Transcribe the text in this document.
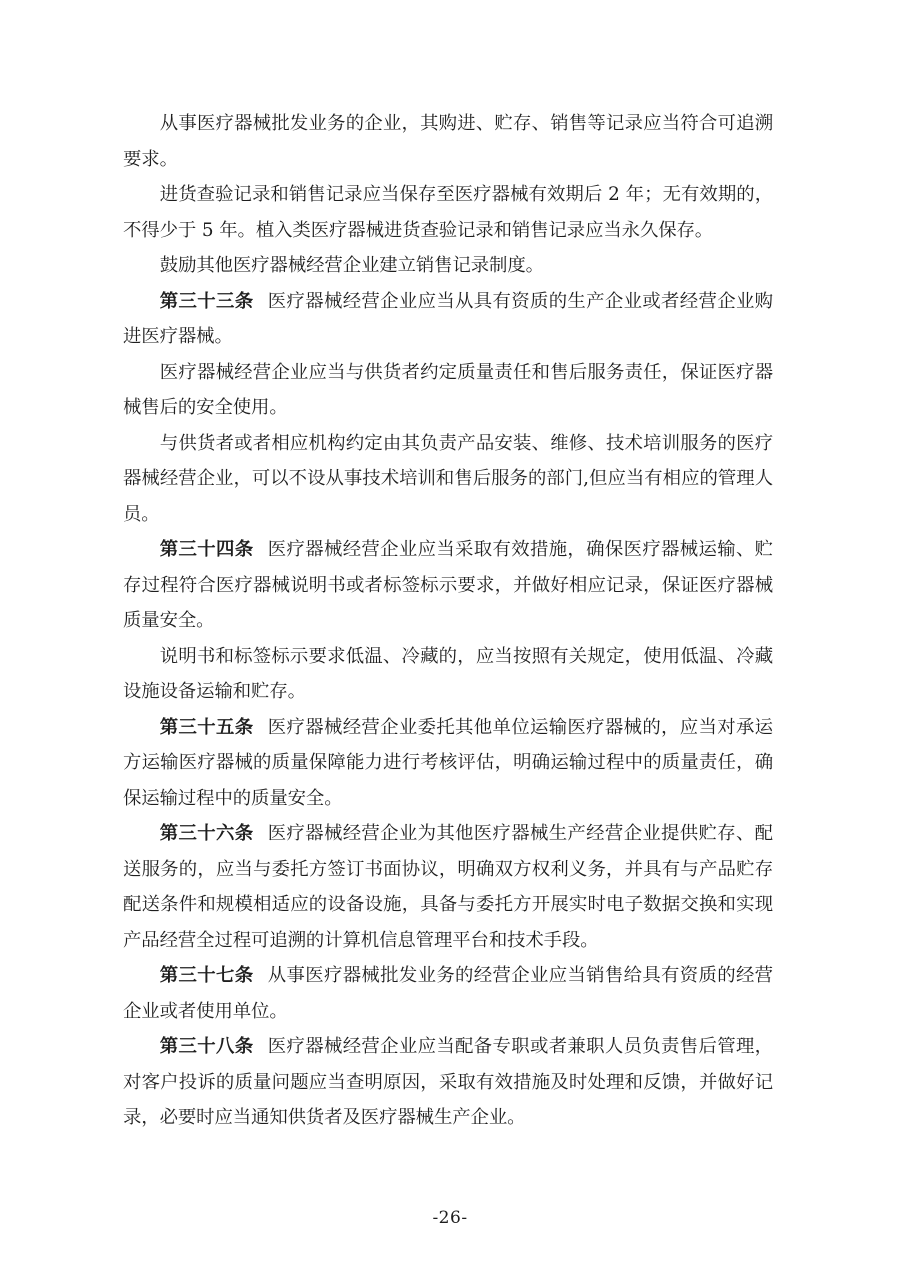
从事医疗器械批发业务的企业，其购进、贮存、销售等记录应当符合可追溯要求。

进货查验记录和销售记录应当保存至医疗器械有效期后 2 年；无有效期的，不得少于 5 年。植入类医疗器械进货查验记录和销售记录应当永久保存。

鼓励其他医疗器械经营企业建立销售记录制度。

第三十三条 医疗器械经营企业应当从具有资质的生产企业或者经营企业购进医疗器械。

医疗器械经营企业应当与供货者约定质量责任和售后服务责任，保证医疗器械售后的安全使用。

与供货者或者相应机构约定由其负责产品安装、维修、技术培训服务的医疗器械经营企业，可以不设从事技术培训和售后服务的部门,但应当有相应的管理人员。

第三十四条 医疗器械经营企业应当采取有效措施，确保医疗器械运输、贮存过程符合医疗器械说明书或者标签标示要求，并做好相应记录，保证医疗器械质量安全。

说明书和标签标示要求低温、冷藏的，应当按照有关规定，使用低温、冷藏设施设备运输和贮存。

第三十五条 医疗器械经营企业委托其他单位运输医疗器械的，应当对承运方运输医疗器械的质量保障能力进行考核评估，明确运输过程中的质量责任，确保运输过程中的质量安全。

第三十六条 医疗器械经营企业为其他医疗器械生产经营企业提供贮存、配送服务的，应当与委托方签订书面协议，明确双方权利义务，并具有与产品贮存配送条件和规模相适应的设备设施，具备与委托方开展实时电子数据交换和实现产品经营全过程可追溯的计算机信息管理平台和技术手段。

第三十七条 从事医疗器械批发业务的经营企业应当销售给具有资质的经营企业或者使用单位。

第三十八条 医疗器械经营企业应当配备专职或者兼职人员负责售后管理，对客户投诉的质量问题应当查明原因，采取有效措施及时处理和反馈，并做好记录，必要时应当通知供货者及医疗器械生产企业。

-26-
